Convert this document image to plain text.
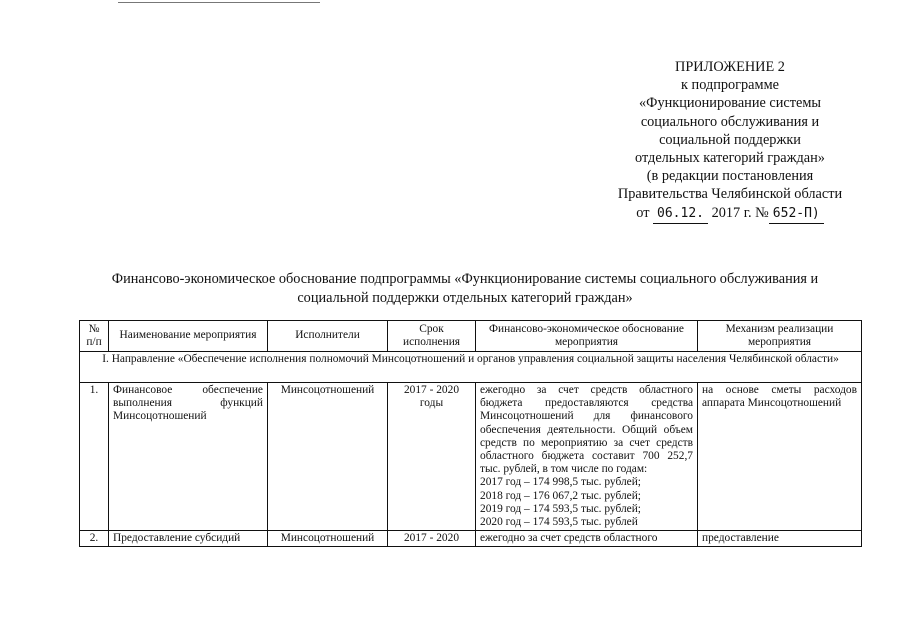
ПРИЛОЖЕНИЕ 2
к подпрограмме
«Функционирование системы
социального обслуживания и
социальной поддержки
отдельных категорий граждан»
(в редакции постановления
Правительства Челябинской области
от 06.12. 2017 г. № 652-П)
Финансово-экономическое обоснование подпрограммы «Функционирование системы социального обслуживания и
социальной поддержки отдельных категорий граждан»
№ п/п	Наименование мероприятия	Исполнители	Срок исполнения	Финансово-экономическое обоснование мероприятия	Механизм реализации мероприятия
I. Направление «Обеспечение исполнения полномочий Минсоцотношений и органов управления социальной защиты населения Челябинской области»					
1.	Финансовое обеспечение выполнения функций Минсоцотношений	Минсоцотношений	2017 - 2020 годы	ежегодно за счет средств областного бюджета предоставляются средства Минсоцотношений для финансового обеспечения деятельности. Общий объем средств по мероприятию за счет средств областного бюджета составит 700 252,7 тыс. рублей, в том числе по годам:
2017 год – 174 998,5 тыс. рублей;
2018 год – 176 067,2 тыс. рублей;
2019 год – 174 593,5 тыс. рублей;
2020 год – 174 593,5 тыс. рублей	на основе сметы расходов аппарата Минсоцотношений
2.	Предоставление субсидий	Минсоцотношений	2017 - 2020	ежегодно за счет средств областного	предоставление
